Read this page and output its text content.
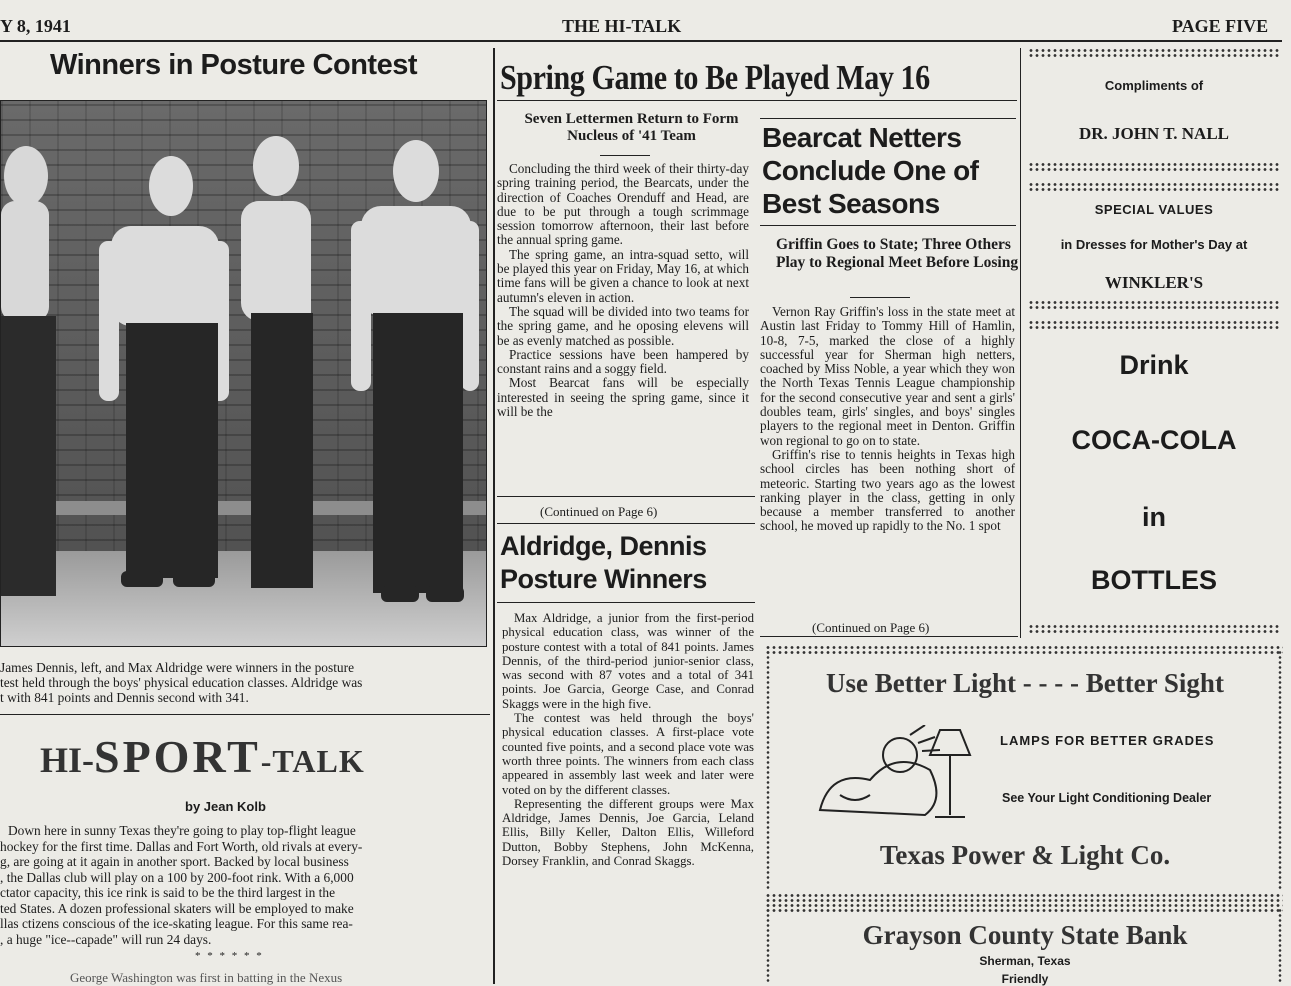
Y 8, 1941	THE HI-TALK	PAGE FIVE
Winners in Posture Contest
James Dennis, left, and Max Aldridge were winners in the posture
test held through the boys' physical education classes. Aldridge was
t with 841 points and Dennis second with 341.
HI-SPORT-TALK
by Jean Kolb
Down here in sunny Texas they're going to play top-flight league
hockey for the first time. Dallas and Fort Worth, old rivals at every-
g, are going at it again in another sport. Backed by local business
, the Dallas club will play on a 100 by 200-foot rink. With a 6,000
ctator capacity, this ice rink is said to be the third largest in the
ted States. A dozen professional skaters will be employed to make
llas ctizens conscious of the ice-skating league. For this same rea-
, a huge "ice--capade" will run 24 days.
* * * * * *
George Washington was first in batting in the Nexus
Spring Game to Be Played May 16
Seven Lettermen Return to Form Nucleus of '41 Team

Concluding the third week of their thirty-day spring training period, the Bearcats, under the direction of Coaches Orenduff and Head, are due to be put through a tough scrimmage session tomorrow afternoon, their last before the annual spring game.

The spring game, an intra-squad setto, will be played this year on Friday, May 16, at which time fans will be given a chance to look at next autumn's eleven in action.

The squad will be divided into two teams for the spring game, and he oposing elevens will be as evenly matched as possible.

Practice sessions have been hampered by constant rains and a soggy field.

Most Bearcat fans will be especially interested in seeing the spring game, since it will be the

(Continued on Page 6)
Aldridge, Dennis
Posture Winners

Max Aldridge, a junior from the first-period physical education class, was winner of the posture contest with a total of 841 points. James Dennis, of the third-period junior-senior class, was second with 87 votes and a total of 341 points. Joe Garcia, George Case, and Conrad Skaggs were in the high five.

The contest was held through the boys' physical education classes. A first-place vote counted five points, and a second place vote was worth three points. The winners from each class appeared in assembly last week and later were voted on by the different classes.

Representing the different groups were Max Aldridge, James Dennis, Joe Garcia, Leland Ellis, Billy Keller, Dalton Ellis, Willeford Dutton, Bobby Stephens, John McKenna, Dorsey Franklin, and Conrad Skaggs.

Bearcat Netters
Conclude One of
Best Seasons
Griffin Goes to State; Three Others Play to Regional Meet Before Losing

Vernon Ray Griffin's loss in the state meet at Austin last Friday to Tommy Hill of Hamlin, 10-8, 7-5, marked the close of a highly successful year for Sherman high netters, coached by Miss Noble, a year which they won the North Texas Tennis League championship for the second consecutive year and sent a girls' doubles team, girls' singles, and boys' singles players to the regional meet in Denton. Griffin won regional to go on to state.

Griffin's rise to tennis heights in Texas high school circles has been nothing short of meteoric. Starting two years ago as the lowest ranking player in the class, getting in only because a member transferred to another school, he moved up rapidly to the No. 1 spot

(Continued on Page 6)
Compliments of
DR. JOHN T. NALL
SPECIAL VALUES
in Dresses for Mother's Day at
WINKLER'S
Drink
COCA-COLA
in
BOTTLES
Use Better Light - - - - Better Sight
LAMPS FOR BETTER GRADES
See Your Light Conditioning Dealer
Texas Power & Light Co.
Grayson County State Bank
Sherman, Texas
Friendly
